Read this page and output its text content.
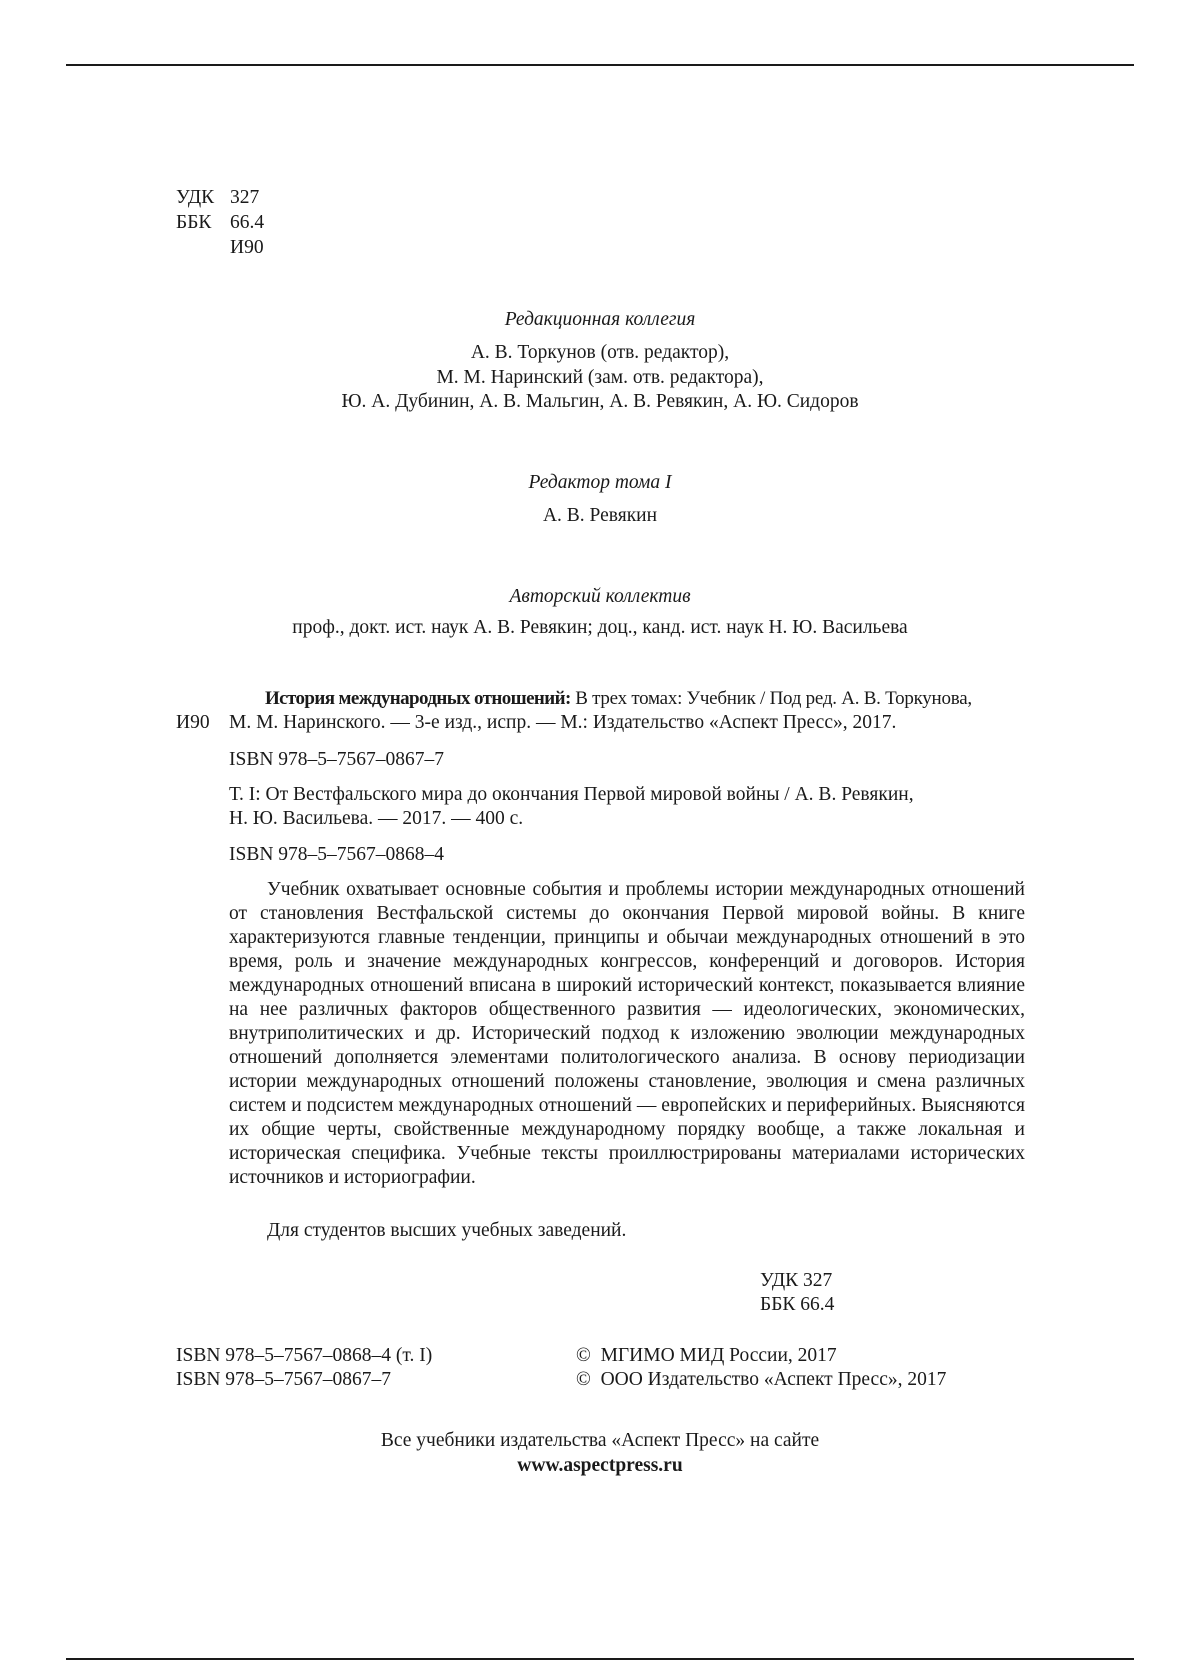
УДК 327
ББК 66.4
И90
Редакционная коллегия
А. В. Торкунов (отв. редактор),
М. М. Наринский (зам. отв. редактора),
Ю. А. Дубинин, А. В. Мальгин, А. В. Ревякин, А. Ю. Сидоров
Редактор тома I
А. В. Ревякин
Авторский коллектив
проф., докт. ист. наук А. В. Ревякин; доц., канд. ист. наук Н. Ю. Васильева
История международных отношений: В трех томах: Учебник / Под ред. А. В. Торкунова,
И90 М. М. Наринского. — 3-е изд., испр. — М.: Издательство «Аспект Пресс», 2017.
ISBN 978–5–7567–0867–7
Т. I: От Вестфальского мира до окончания Первой мировой войны / А. В. Ревякин,
Н. Ю. Васильева. — 2017. — 400 с.
ISBN 978–5–7567–0868–4
Учебник охватывает основные события и проблемы истории международных отношений от становления Вестфальской системы до окончания Первой мировой войны. В книге характеризуются главные тенденции, принципы и обычаи международных отношений в это время, роль и значение международных конгрессов, конференций и договоров. История международных отношений вписана в широкий исторический контекст, показывается влияние на нее различных факторов общественного развития — идеологических, экономических, внутриполитических и др. Исторический подход к изложению эволюции международных отношений дополняется элементами политологического анализа. В основу периодизации истории международных отношений положены становление, эволюция и смена различных систем и подсистем международных отношений — европейских и периферийных. Выясняются их общие черты, свойственные международному порядку вообще, а также локальная и историческая специфика. Учебные тексты проиллюстрированы материалами исторических источников и историографии.
Для студентов высших учебных заведений.
УДК 327
ББК 66.4
ISBN 978–5–7567–0868–4 (т. I)
ISBN 978–5–7567–0867–7
©  МГИМО МИД России, 2017
©  ООО Издательство «Аспект Пресс», 2017
Все учебники издательства «Аспект Пресс» на сайте
www.aspectpress.ru
